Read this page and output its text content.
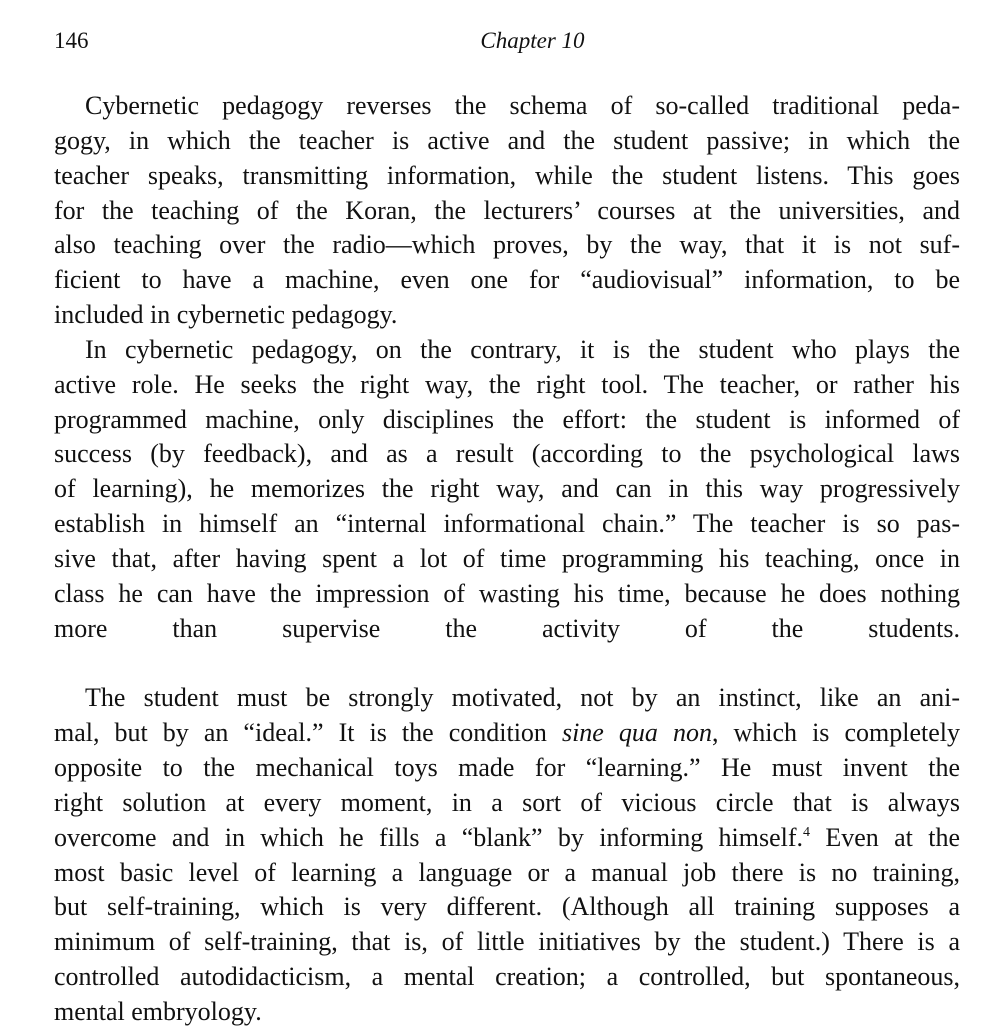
146	Chapter 10
Cybernetic pedagogy reverses the schema of so-called traditional peda-
gogy, in which the teacher is active and the student passive; in which the
teacher speaks, transmitting information, while the student listens. This goes
for the teaching of the Koran, the lecturers’ courses at the universities, and
also teaching over the radio—which proves, by the way, that it is not suf-
ficient to have a machine, even one for “audiovisual” information, to be
included in cybernetic pedagogy.
In cybernetic pedagogy, on the contrary, it is the student who plays the
active role. He seeks the right way, the right tool. The teacher, or rather his
programmed machine, only disciplines the effort: the student is informed of
success (by feedback), and as a result (according to the psychological laws
of learning), he memorizes the right way, and can in this way progressively
establish in himself an “internal informational chain.” The teacher is so pas-
sive that, after having spent a lot of time programming his teaching, once in
class he can have the impression of wasting his time, because he does nothing
more than supervise the activity of the students.
The student must be strongly motivated, not by an instinct, like an ani-
mal, but by an “ideal.” It is the condition sine qua non, which is completely
opposite to the mechanical toys made for “learning.” He must invent the
right solution at every moment, in a sort of vicious circle that is always
overcome and in which he fills a “blank” by informing himself.$^4$ Even at the
most basic level of learning a language or a manual job there is no training,
but self-training, which is very different. (Although all training supposes a
minimum of self-training, that is, of little initiatives by the student.) There is a
controlled autodidacticism, a mental creation; a controlled, but spontaneous,
mental embryology.
